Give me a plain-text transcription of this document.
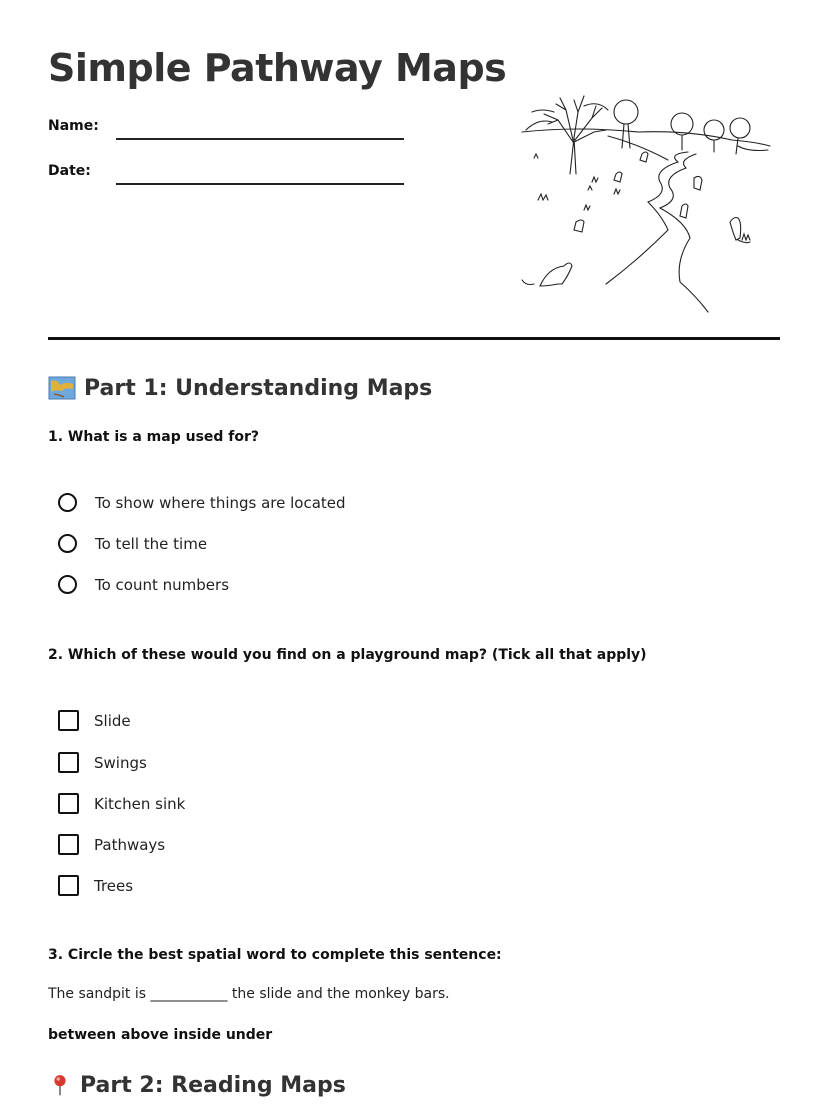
Simple Pathway Maps
Name:
Date:
Part 1: Understanding Maps

1. What is a map used for?

To show where things are located
To tell the time
To count numbers

2. Which of these would you find on a playground map? (Tick all that apply)

Slide
Swings
Kitchen sink
Pathways
Trees

3. Circle the best spatial word to complete this sentence:

The sandpit is ___________ the slide and the monkey bars.
between above inside under
Part 2: Reading Maps
